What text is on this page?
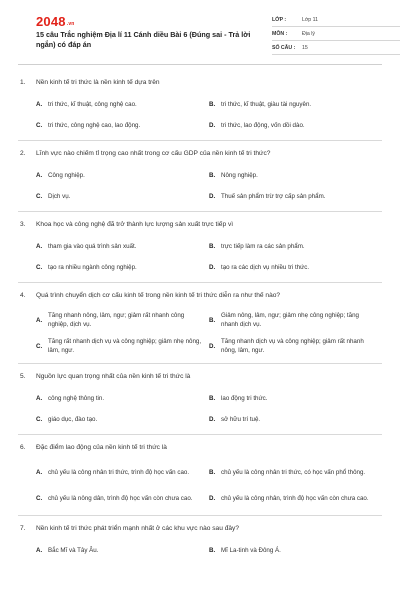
2048.vn
15 câu Trắc nghiệm Địa lí 11 Cánh diều Bài 6 (Đúng sai - Trả lời ngắn) có đáp án
LỚP :	Lớp 11
MÔN :	Địa lý
SỐ CÂU :	15
1.	Nền kinh tế tri thức là nền kinh tế dựa trên
A. tri thức, kĩ thuật, công nghệ cao.	B. tri thức, kĩ thuật, giàu tài nguyên.
C. tri thức, công nghệ cao, lao động.	D. tri thức, lao động, vốn dồi dào.
2.	Lĩnh vực nào chiếm tỉ trọng cao nhất trong cơ cấu GDP của nền kinh tế tri thức?
A. Công nghiệp.	B. Nông nghiệp.
C. Dịch vụ.	D. Thuế sản phẩm trừ trợ cấp sản phẩm.
3.	Khoa học và công nghệ đã trở thành lực lượng sản xuất trực tiếp vì
A. tham gia vào quá trình sản xuất.	B. trực tiếp làm ra các sản phẩm.
C. tạo ra nhiều ngành công nghiệp.	D. tạo ra các dịch vụ nhiều tri thức.
4.	Quá trình chuyển dịch cơ cấu kinh tế trong nền kinh tế tri thức diễn ra như thế nào?
A.
Tăng nhanh nông, lâm, ngư; giảm rất nhanh công nghiệp, dịch vụ.
B.
Giảm nông, lâm, ngư; giảm nhẹ công nghiệp; tăng nhanh dịch vụ.
C.
Tăng rất nhanh dịch vụ và công nghiệp; giảm nhẹ nông, lâm, ngư.
D.
Tăng nhanh dịch vụ và công nghiệp; giảm rất nhanh nông, lâm, ngư.
5.	Nguồn lực quan trọng nhất của nền kinh tế tri thức là
A. công nghệ thông tin.	B. lao động tri thức.
C. giáo dục, đào tạo.	D. sở hữu trí tuệ.
6.	Đặc điểm lao động của nền kinh tế tri thức là
A. chủ yếu là công nhân tri thức, trình độ học vấn cao.	B. chủ yếu là công nhân tri thức, có học vấn phổ thông.
C. chủ yếu là nông dân, trình độ học vấn còn chưa cao.	D. chủ yếu là công nhân, trình độ học vấn còn chưa cao.
7.	Nền kinh tế tri thức phát triển mạnh nhất ở các khu vực nào sau đây?
A. Bắc Mĩ và Tây Âu.	B. Mĩ La-tinh và Đông Á.
